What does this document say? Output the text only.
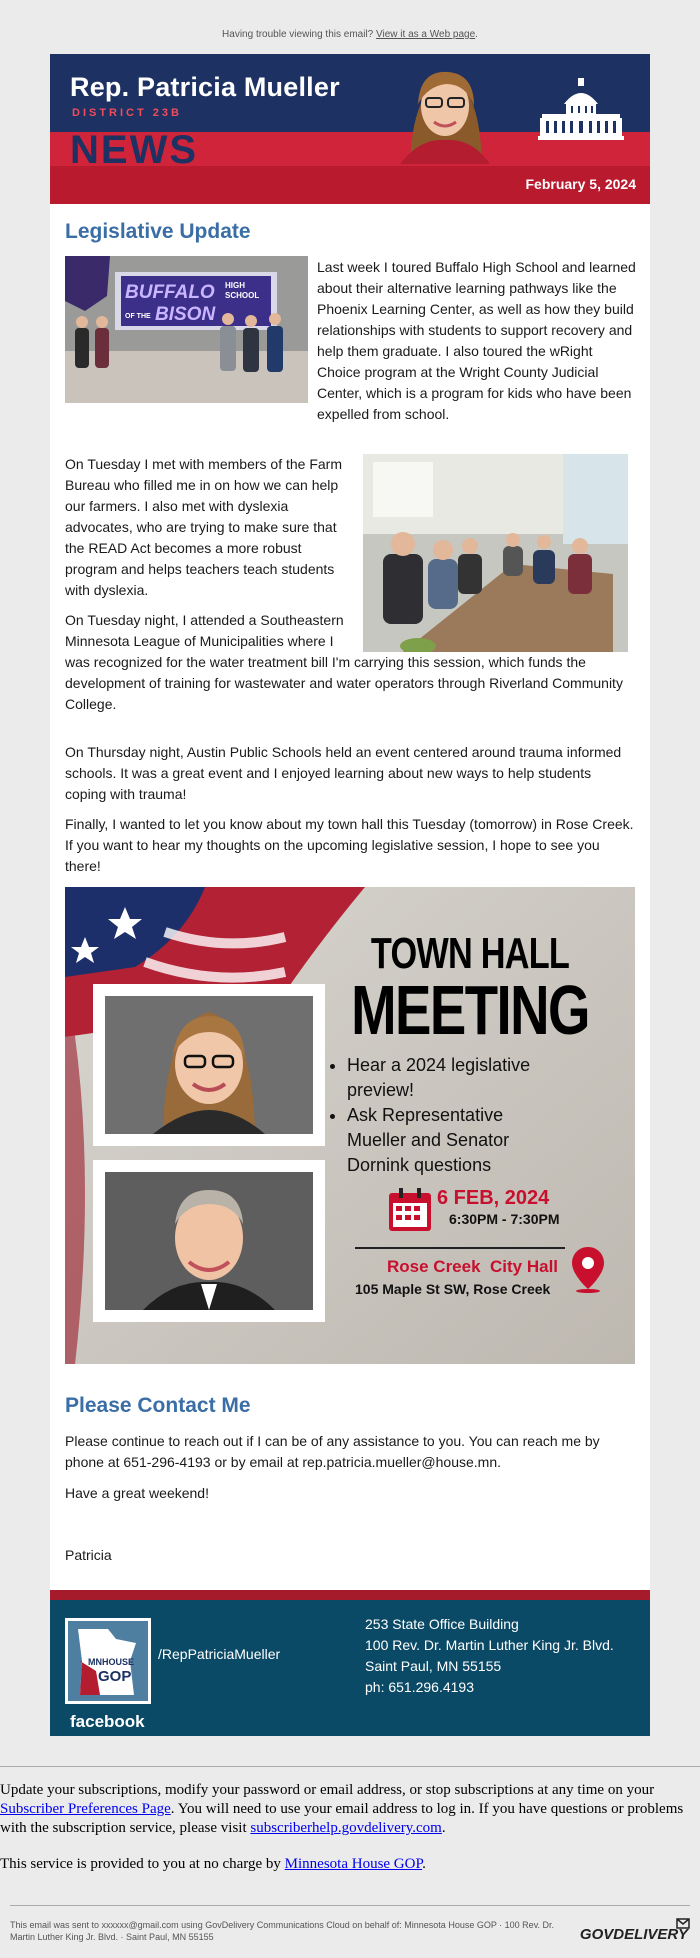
Having trouble viewing this email? View it as a Web page.
Rep. Patricia Mueller
DISTRICT 23B
NEWS
February 5, 2024
Legislative Update
BUFFALO HIGH
SCHOOL
OF THE BISON
Last week I toured Buffalo High School and learned about their alternative learning pathways like the Phoenix Learning Center, as well as how they build relationships with students to support recovery and help them graduate. I also toured the wRight Choice program at the Wright County Judicial Center, which is a program for kids who have been expelled from school.
On Tuesday I met with members of the Farm Bureau who filled me in on how we can help our farmers. I also met with dyslexia advocates, who are trying to make sure that the READ Act becomes a more robust program and helps teachers teach students with dyslexia.
On Tuesday night, I attended a Southeastern Minnesota League of Municipalities where I was recognized for the water treatment bill I'm carrying this session, which funds the development of training for wastewater and water operators through Riverland Community College.
On Thursday night, Austin Public Schools held an event centered around trauma informed schools. It was a great event and I enjoyed learning about new ways to help students coping with trauma!
Finally, I wanted to let you know about my town hall this Tuesday (tomorrow) in Rose Creek. If you want to hear my thoughts on the upcoming legislative session, I hope to see you there!
TOWN HALL
MEETING
• Hear a 2024 legislative preview!
• Ask Representative Mueller and Senator Dornink questions
6 FEB, 2024
6:30PM - 7:30PM
Rose Creek  City Hall
105 Maple St SW, Rose Creek
Please Contact Me
Please continue to reach out if I can be of any assistance to you. You can reach me by phone at 651-296-4193 or by email at rep.patricia.mueller@house.mn.
Have a great weekend!
Patricia
MNHOUSE
GOP
facebook
/RepPatriciaMueller
253 State Office Building
100 Rev. Dr. Martin Luther King Jr. Blvd.
Saint Paul, MN 55155
ph: 651.296.4193
Update your subscriptions, modify your password or email address, or stop subscriptions at any time on your Subscriber Preferences Page. You will need to use your email address to log in. If you have questions or problems with the subscription service, please visit subscriberhelp.govdelivery.com.
This service is provided to you at no charge by Minnesota House GOP.
This email was sent to xxxxxx@gmail.com using GovDelivery Communications Cloud on behalf of: Minnesota House GOP · 100 Rev. Dr. Martin Luther King Jr. Blvd. · Saint Paul, MN 55155	GOVDELIVERY
